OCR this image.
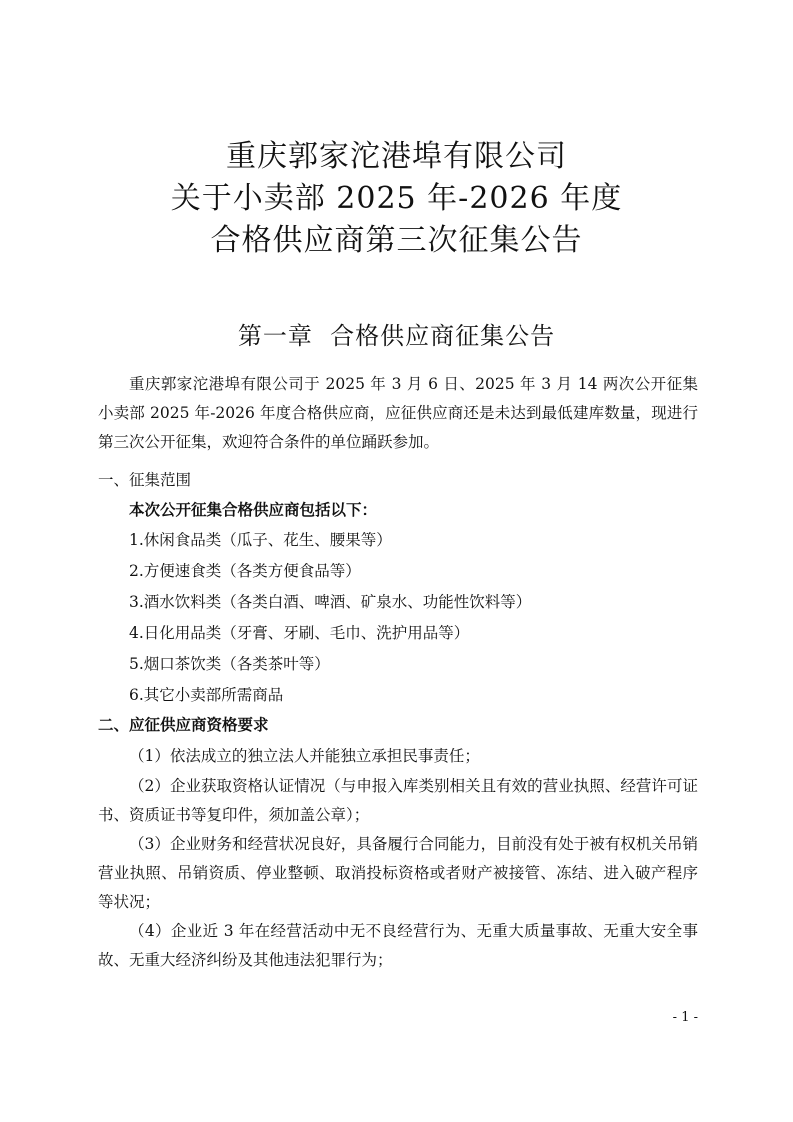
重庆郭家沱港埠有限公司
关于小卖部 2025 年-2026 年度
合格供应商第三次征集公告
第一章  合格供应商征集公告
重庆郭家沱港埠有限公司于 2025 年 3 月 6 日、2025 年 3 月 14 两次公开征集小卖部 2025 年-2026 年度合格供应商，应征供应商还是未达到最低建库数量，现进行第三次公开征集，欢迎符合条件的单位踊跃参加。
一、征集范围
本次公开征集合格供应商包括以下：
1.休闲食品类（瓜子、花生、腰果等）
2.方便速食类（各类方便食品等）
3.酒水饮料类（各类白酒、啤酒、矿泉水、功能性饮料等）
4.日化用品类（牙膏、牙刷、毛巾、洗护用品等）
5.烟口茶饮类（各类茶叶等）
6.其它小卖部所需商品
二、应征供应商资格要求
（1）依法成立的独立法人并能独立承担民事责任；
（2）企业获取资格认证情况（与申报入库类别相关且有效的营业执照、经营许可证书、资质证书等复印件，须加盖公章）；
（3）企业财务和经营状况良好，具备履行合同能力，目前没有处于被有权机关吊销营业执照、吊销资质、停业整顿、取消投标资格或者财产被接管、冻结、进入破产程序等状况；
（4）企业近 3 年在经营活动中无不良经营行为、无重大质量事故、无重大安全事故、无重大经济纠纷及其他违法犯罪行为；
- 1 -
